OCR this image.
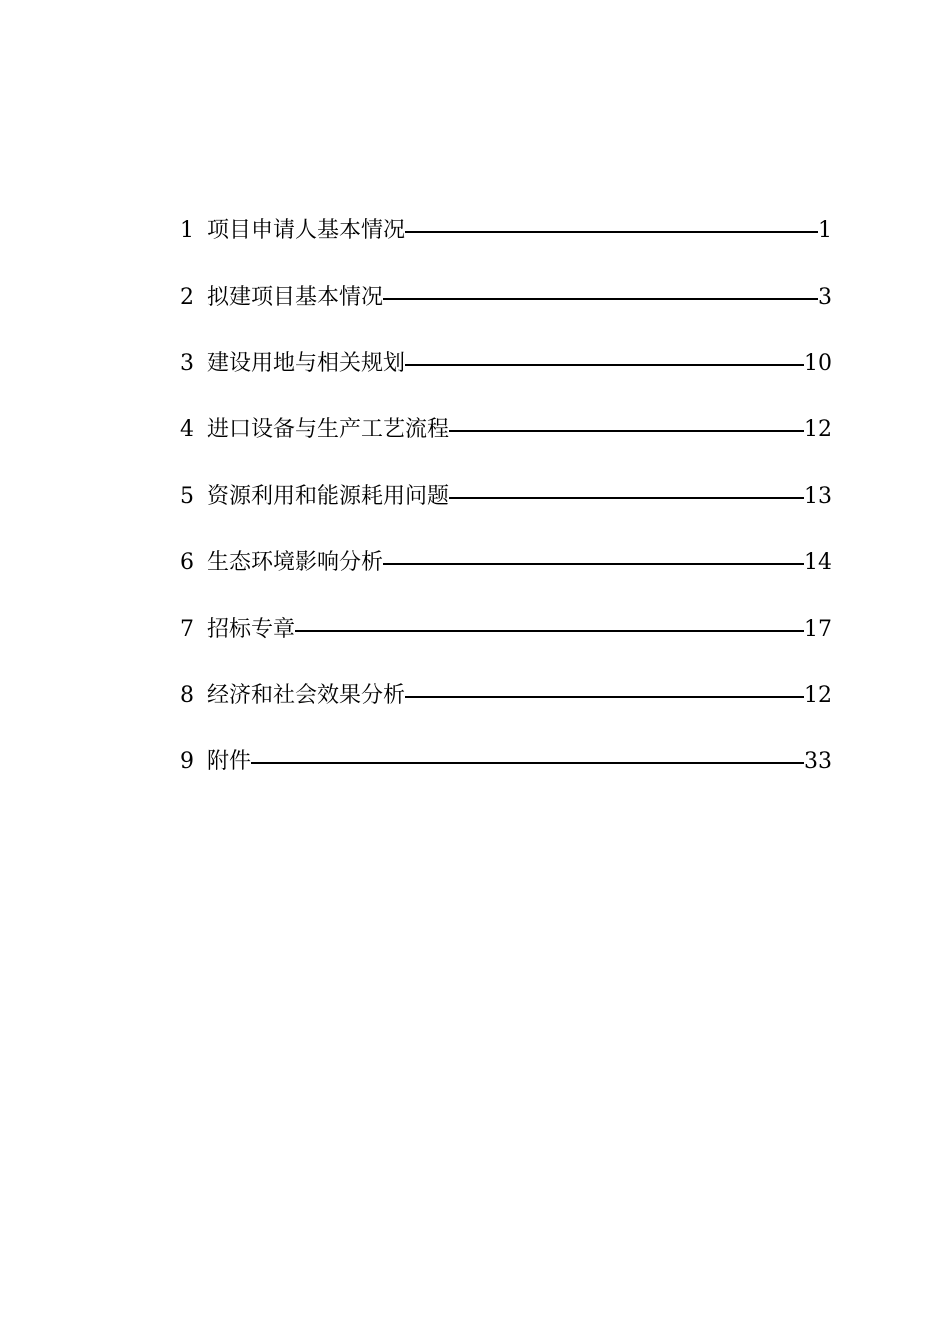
1 项目申请人基本情况	1
2 拟建项目基本情况	3
3 建设用地与相关规划	10
4 进口设备与生产工艺流程	12
5 资源利用和能源耗用问题	13
6 生态环境影响分析	14
7 招标专章	17
8 经济和社会效果分析	12
9 附件	33
